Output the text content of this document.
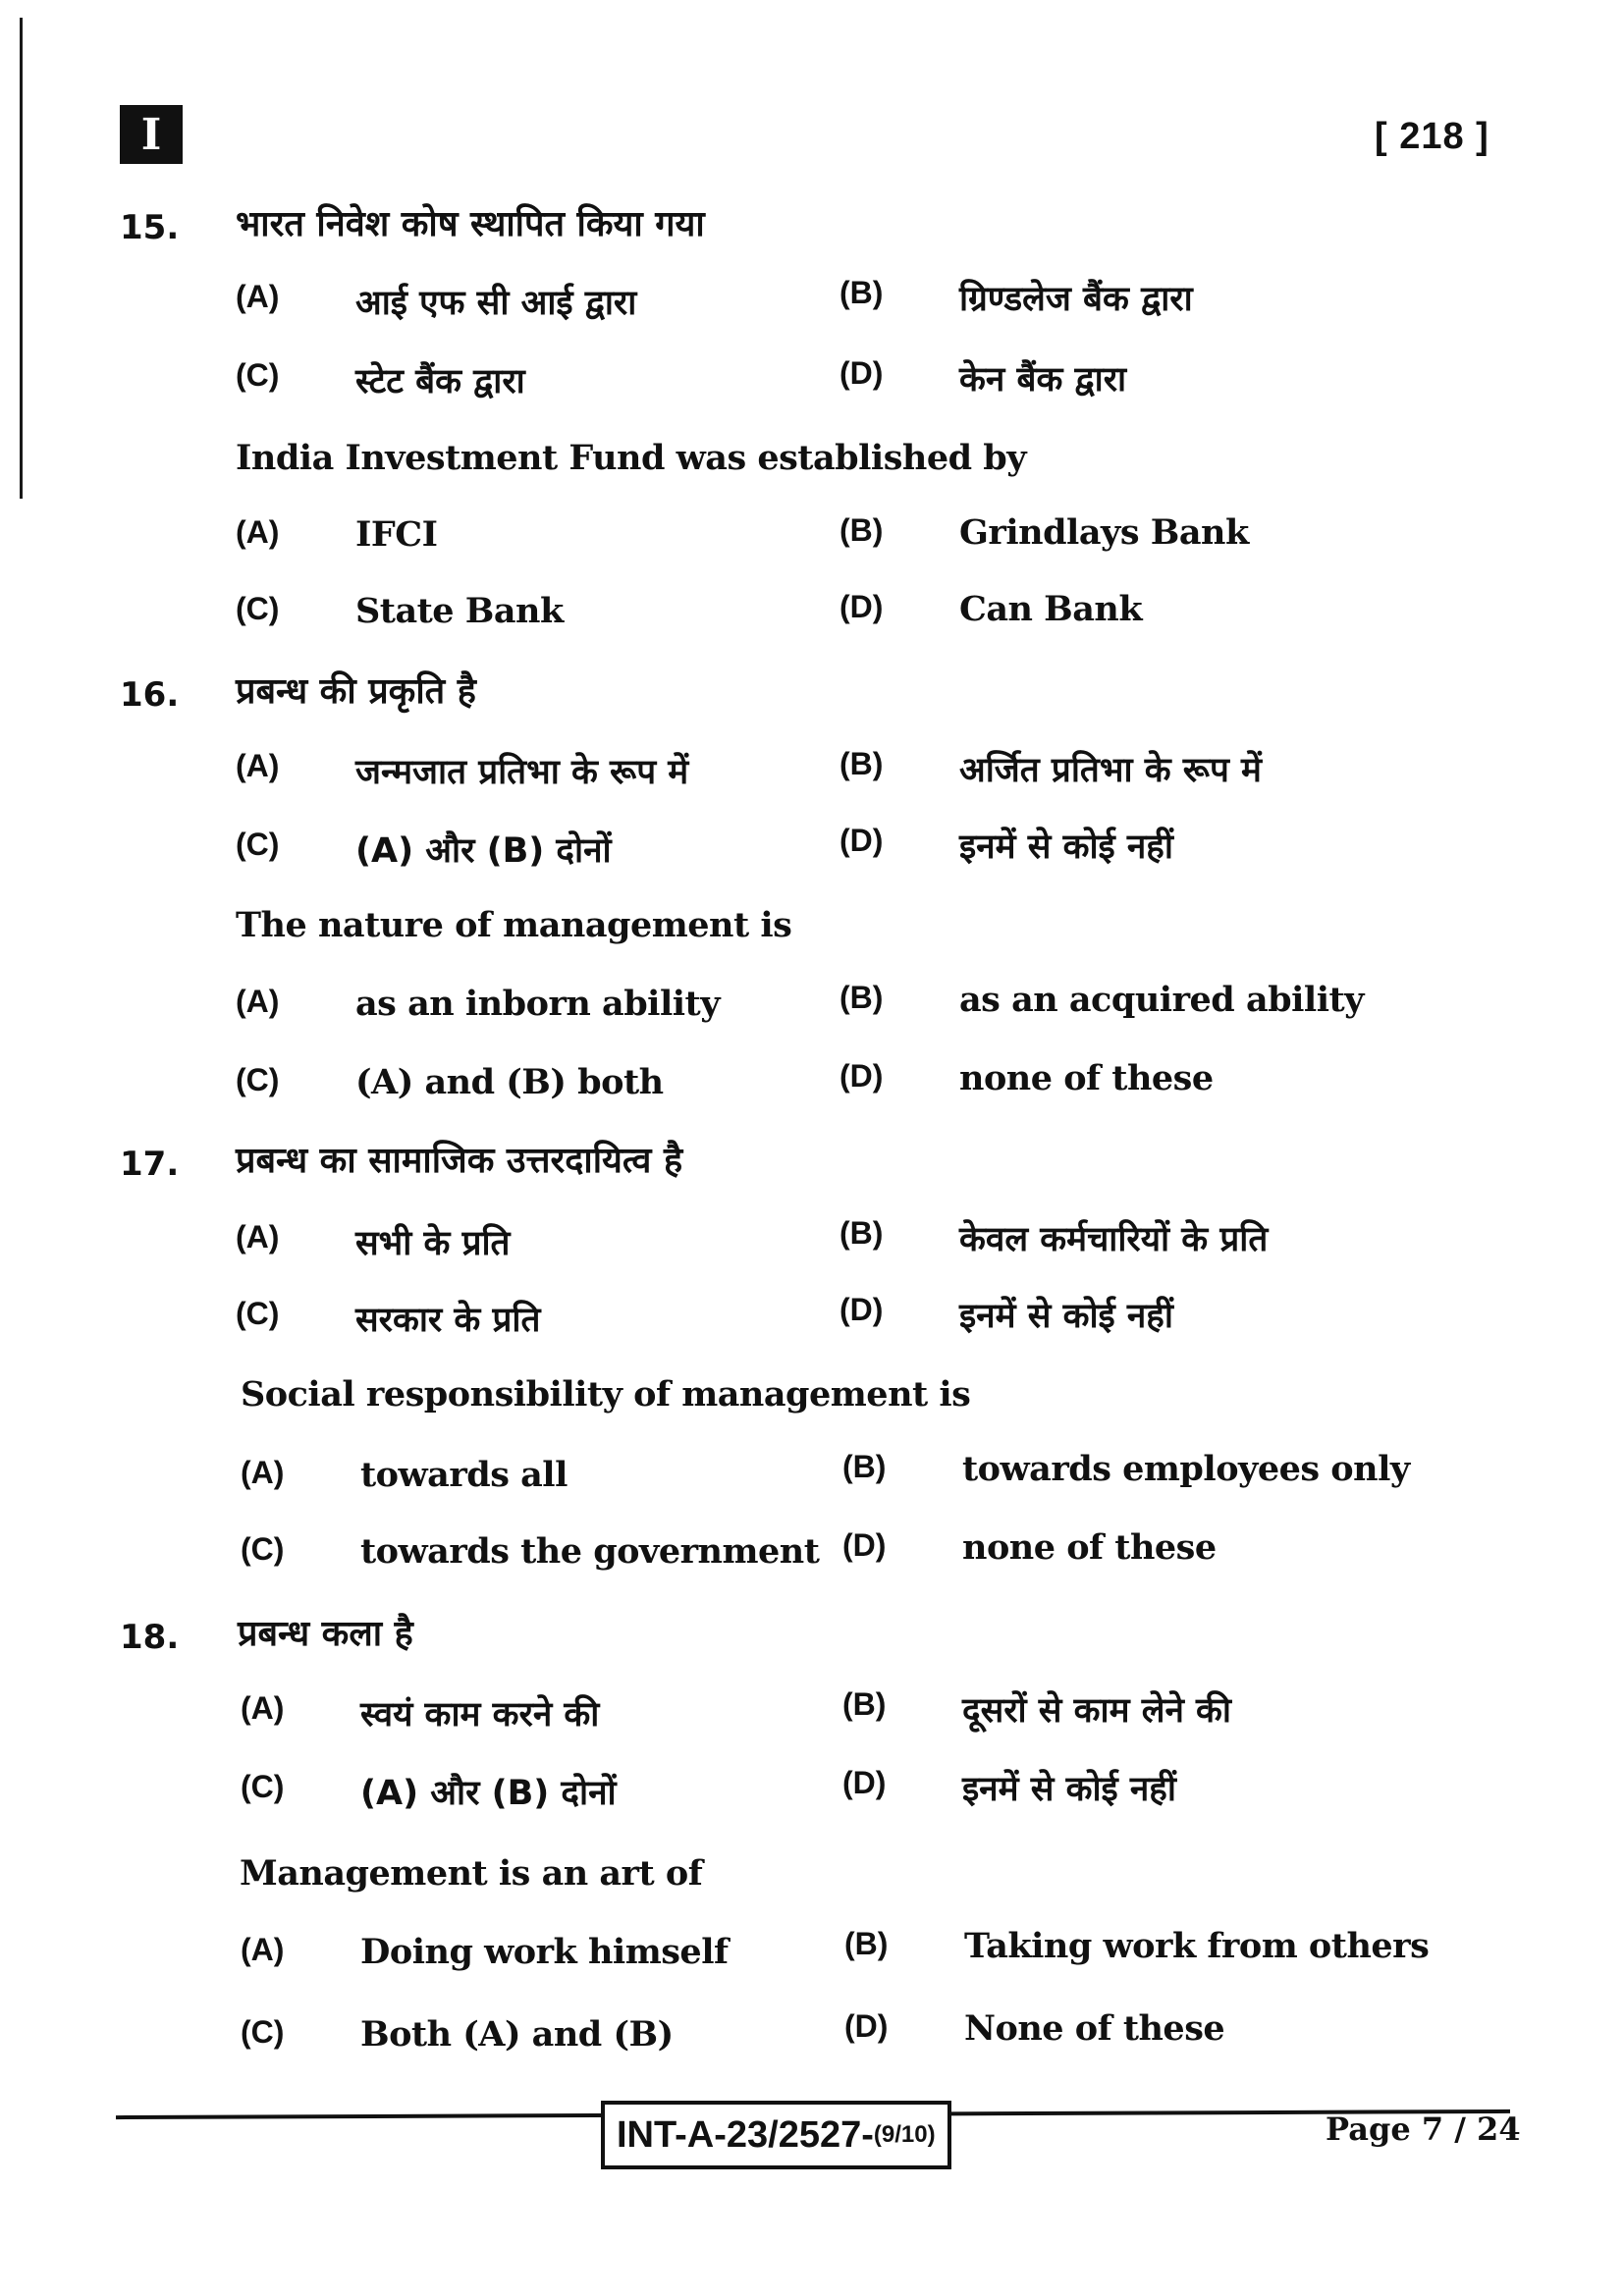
I	[ 218 ]
15. भारत निवेश कोष स्थापित किया गया
(A) आई एफ सी आई द्वारा	(B) ग्रिण्डलेज बैंक द्वारा
(C) स्टेट बैंक द्वारा	(D) केन बैंक द्वारा
India Investment Fund was established by
(A) IFCI	(B) Grindlays Bank
(C) State Bank	(D) Can Bank
16. प्रबन्ध की प्रकृति है
(A) जन्मजात प्रतिभा के रूप में	(B) अर्जित प्रतिभा के रूप में
(C) (A) और (B) दोनों	(D) इनमें से कोई नहीं
The nature of management is
(A) as an inborn ability	(B) as an acquired ability
(C) (A) and (B) both	(D) none of these
17. प्रबन्ध का सामाजिक उत्तरदायित्व है
(A) सभी के प्रति	(B) केवल कर्मचारियों के प्रति
(C) सरकार के प्रति	(D) इनमें से कोई नहीं
Social responsibility of management is
(A) towards all	(B) towards employees only
(C) towards the government (D) none of these
18. प्रबन्ध कला है
(A) स्वयं काम करने की	(B) दूसरों से काम लेने की
(C) (A) और (B) दोनों	(D) इनमें से कोई नहीं
Management is an art of
(A) Doing work himself	(B) Taking work from others
(C) Both (A) and (B)	(D) None of these
INT-A-23/2527- (9/10)	Page 7 / 24
